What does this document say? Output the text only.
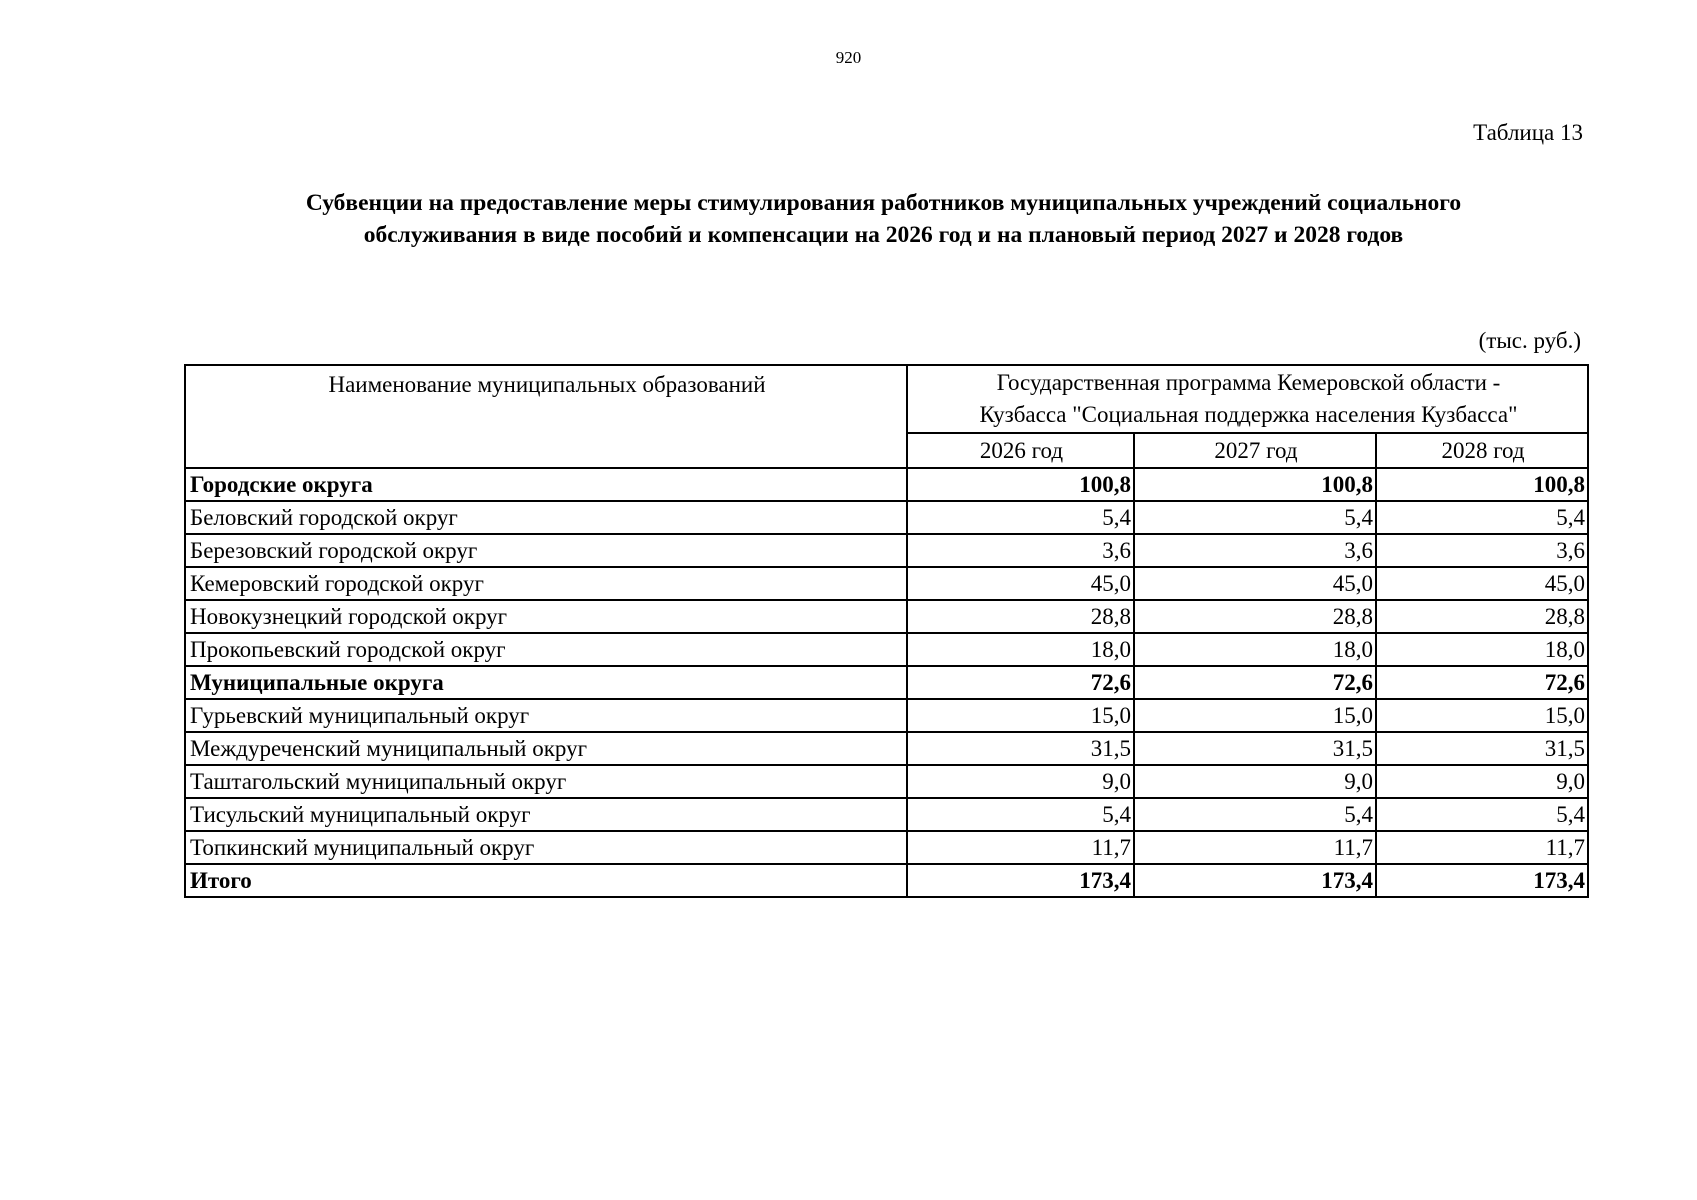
920
Таблица 13
Субвенции на предоставление меры стимулирования работников муниципальных учреждений социального
обслуживания в виде пособий и компенсации на 2026 год и на плановый период 2027 и 2028 годов
(тыс. руб.)
Наименование муниципальных образований	Государственная программа Кемеровской области -
Кузбасса "Социальная поддержка населения Кузбасса"		

	2026 год	2027 год	2028 год
Городские округа	100,8	100,8	100,8
Беловский городской округ	5,4	5,4	5,4
Березовский городской округ	3,6	3,6	3,6
Кемеровский городской округ	45,0	45,0	45,0
Новокузнецкий городской округ	28,8	28,8	28,8
Прокопьевский городской округ	18,0	18,0	18,0
Муниципальные округа	72,6	72,6	72,6
Гурьевский муниципальный округ	15,0	15,0	15,0
Междуреченский муниципальный округ	31,5	31,5	31,5
Таштагольский муниципальный округ	9,0	9,0	9,0
Тисульский муниципальный округ	5,4	5,4	5,4
Топкинский муниципальный округ	11,7	11,7	11,7
Итого	173,4	173,4	173,4
